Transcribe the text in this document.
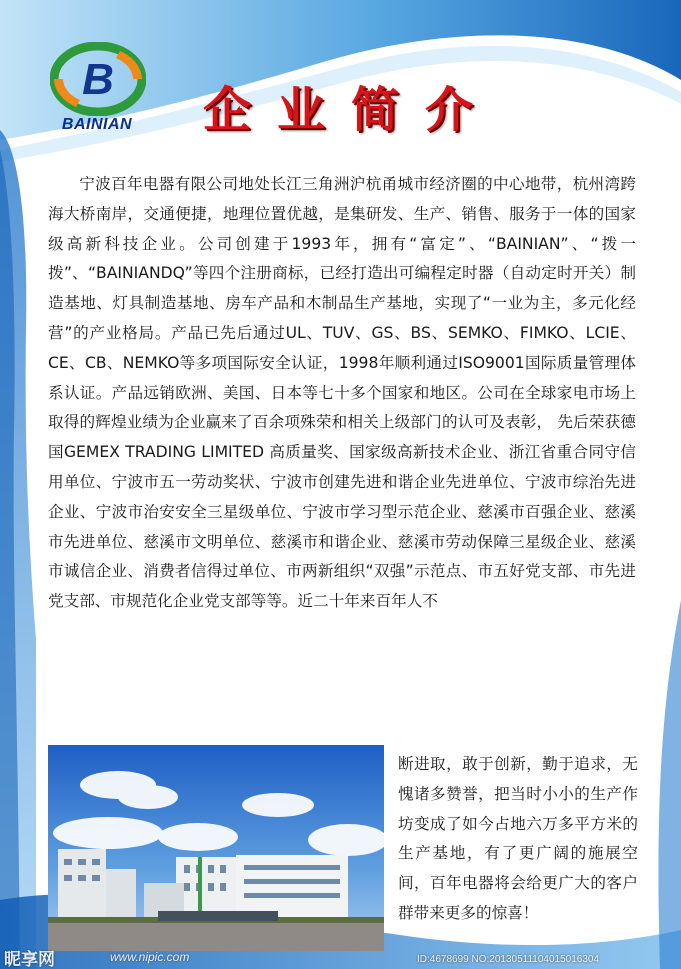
B
BAINIAN	企业简介

宁波百年电器有限公司地处长江三角洲沪杭甬城市经济圈的中心地带，杭州湾跨海大桥南岸，交通便捷，地理位置优越，是集研发、生产、销售、服务于一体的国家级高新科技企业。公司创建于1993年，拥有“富定”、“BAINIAN”、“拨一拨”、“BAINIANDQ”等四个注册商标，已经打造出可编程定时器（自动定时开关）制造基地、灯具制造基地、房车产品和木制品生产基地，实现了“一业为主，多元化经营”的产业格局。产品已先后通过UL、TUV、GS、BS、SEMKO、FIMKO、LCIE、CE、CB、NEMKO等多项国际安全认证，1998年顺利通过ISO9001国际质量管理体系认证。产品远销欧洲、美国、日本等七十多个国家和地区。公司在全球家电市场上取得的辉煌业绩为企业赢来了百余项殊荣和相关上级部门的认可及表彰， 先后荣获德国GEMEX TRADING LIMITED 高质量奖、国家级高新技术企业、浙江省重合同守信用单位、宁波市五一劳动奖状、宁波市创建先进和谐企业先进单位、宁波市综治先进企业、宁波市治安安全三星级单位、宁波市学习型示范企业、慈溪市百强企业、慈溪市先进单位、慈溪市文明单位、慈溪市和谐企业、慈溪市劳动保障三星级企业、慈溪市诚信企业、消费者信得过单位、市两新组织“双强”示范点、市五好党支部、市先进党支部、市规范化企业党支部等等。近二十年来百年人不

断进取，敢于创新，勤于追求，无愧诸多赞誉，把当时小小的生产作坊变成了如今占地六万多平方米的生产基地，有了更广阔的施展空间，百年电器将会给更广大的客户群带来更多的惊喜！

昵享网	www.nipic.com	ID:4678699 NO:20130511104015016304
